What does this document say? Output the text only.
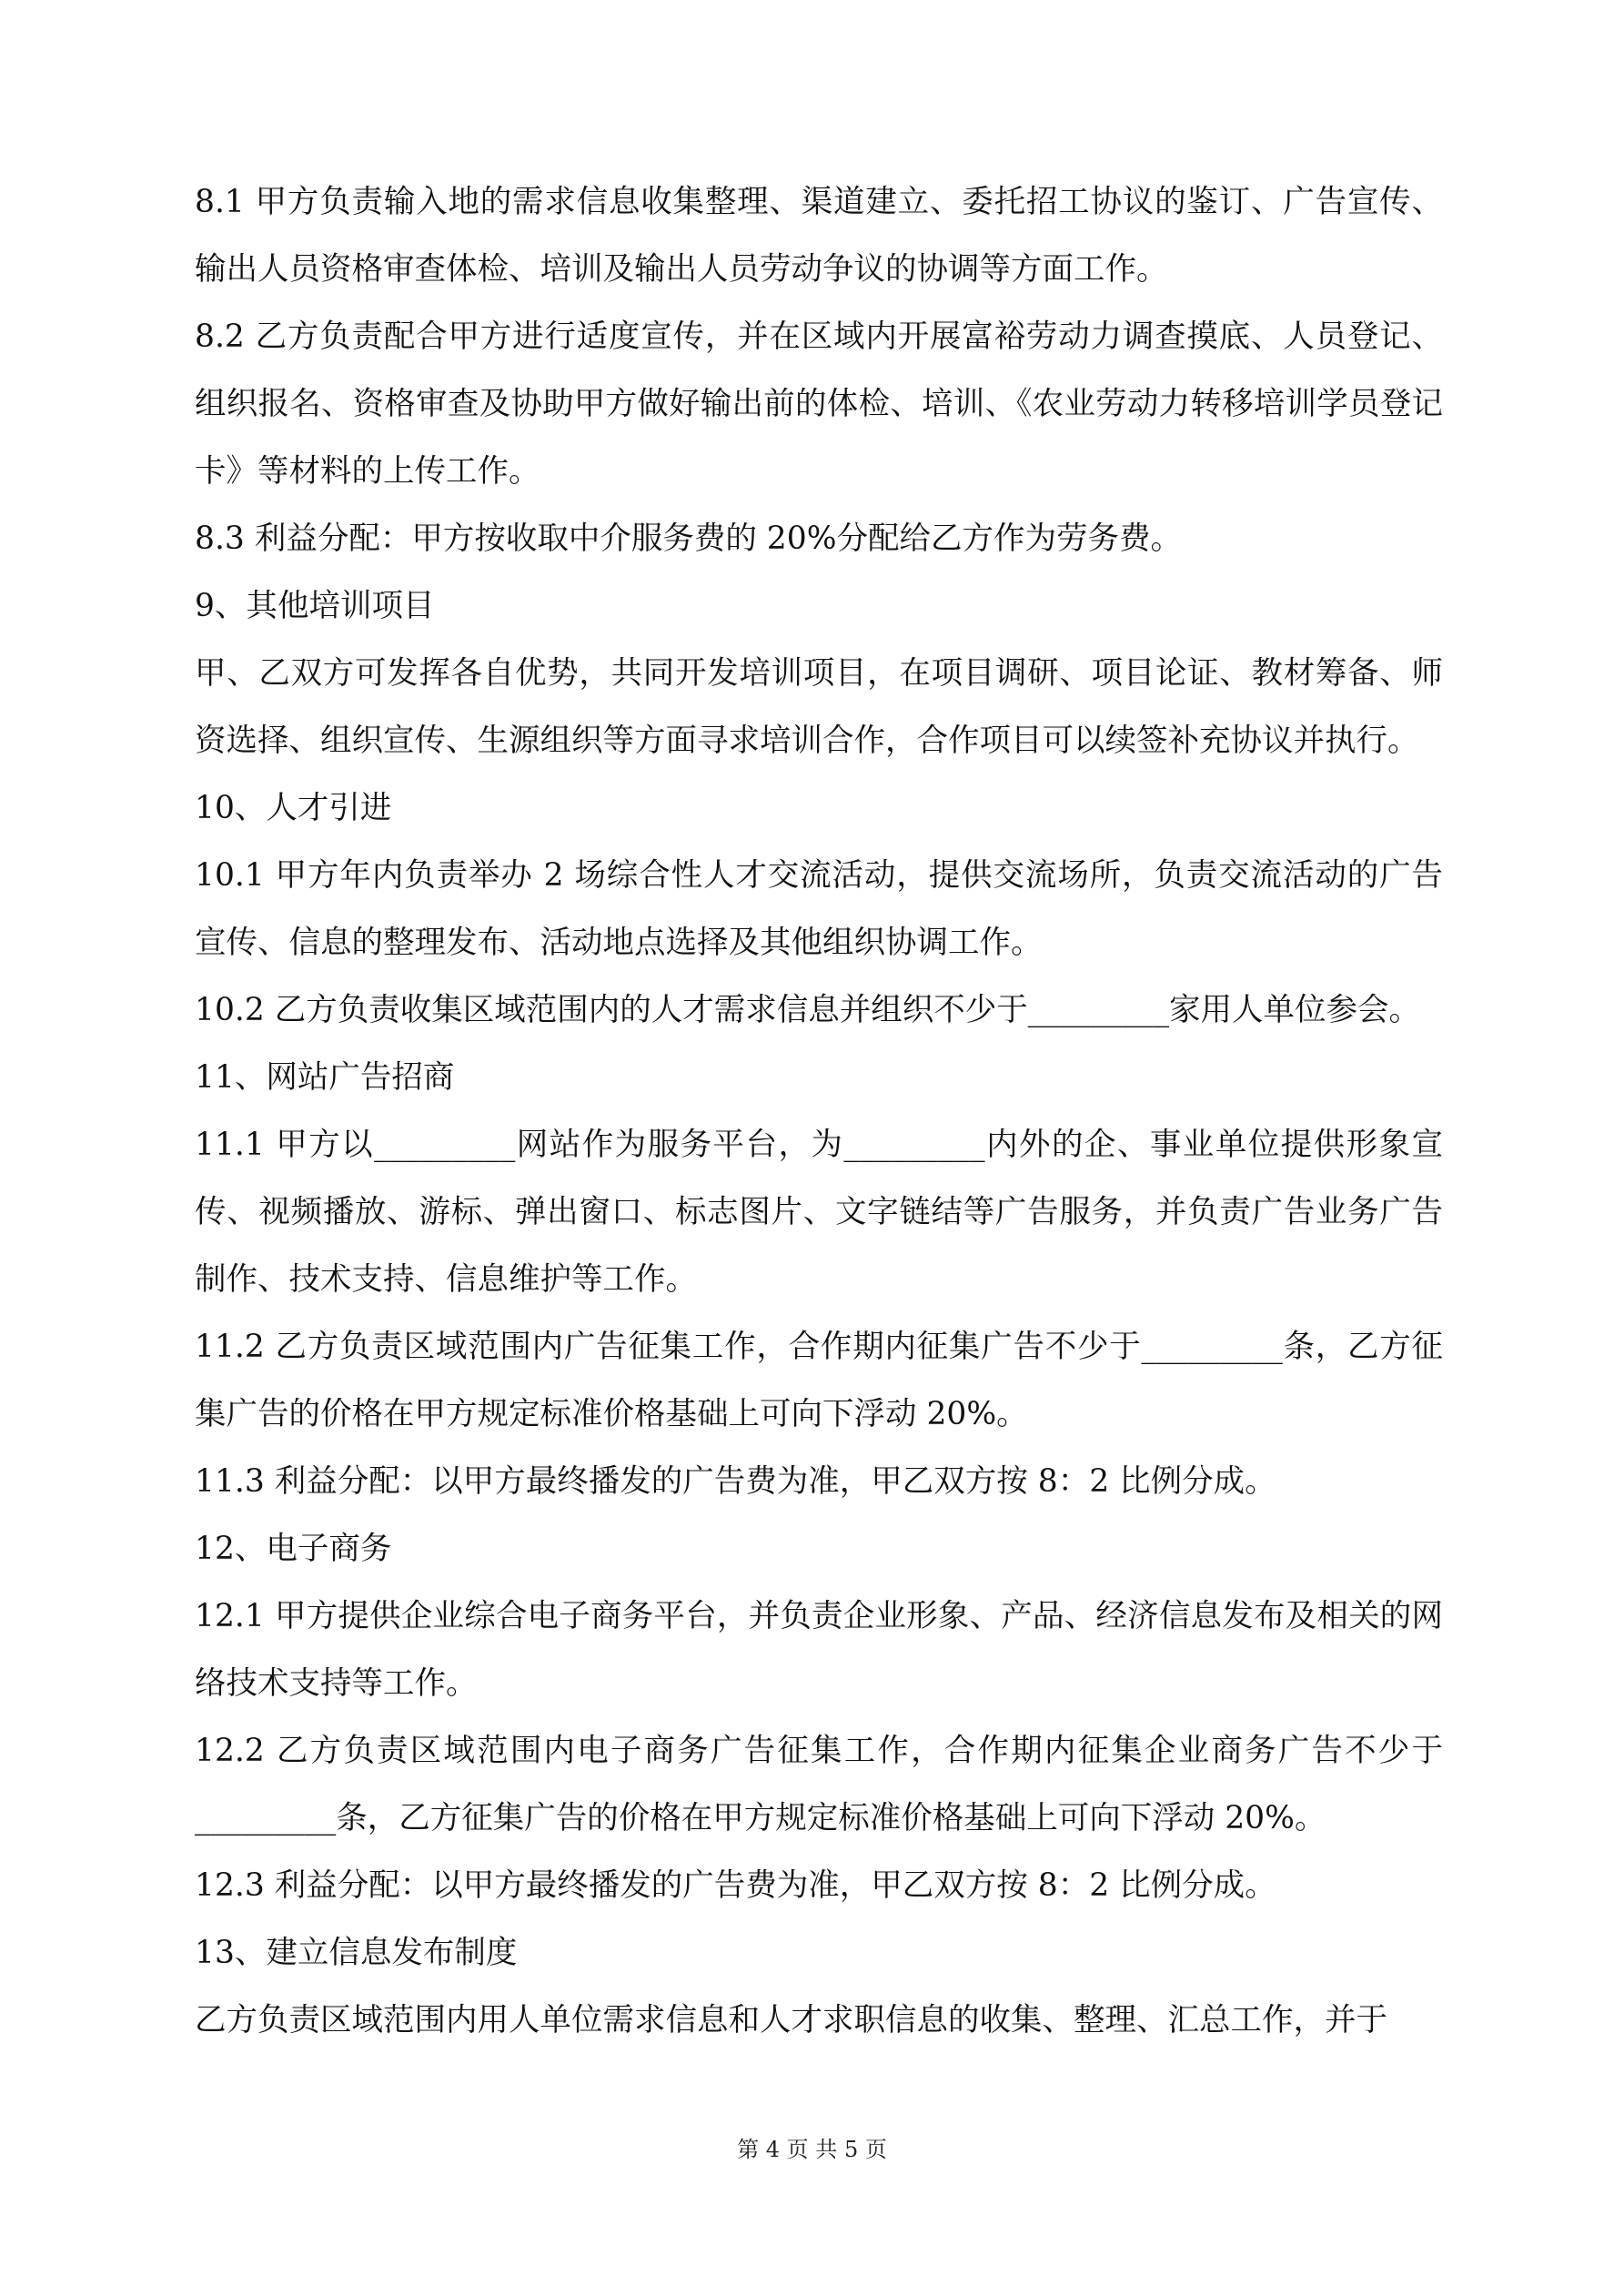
8.1 甲方负责输入地的需求信息收集整理、渠道建立、委托招工协议的鉴订、广告宣传、输出人员资格审查体检、培训及输出人员劳动争议的协调等方面工作。

8.2 乙方负责配合甲方进行适度宣传，并在区域内开展富裕劳动力调查摸底、人员登记、组织报名、资格审查及协助甲方做好输出前的体检、培训、《农业劳动力转移培训学员登记卡》等材料的上传工作。

8.3 利益分配：甲方按收取中介服务费的 20%分配给乙方作为劳务费。

9、其他培训项目

甲、乙双方可发挥各自优势，共同开发培训项目，在项目调研、项目论证、教材筹备、师资选择、组织宣传、生源组织等方面寻求培训合作，合作项目可以续签补充协议并执行。

10、人才引进

10.1 甲方年内负责举办 2 场综合性人才交流活动，提供交流场所，负责交流活动的广告宣传、信息的整理发布、活动地点选择及其他组织协调工作。

10.2 乙方负责收集区域范围内的人才需求信息并组织不少于_________家用人单位参会。

11、网站广告招商

11.1 甲方以_________网站作为服务平台，为_________内外的企、事业单位提供形象宣传、视频播放、游标、弹出窗口、标志图片、文字链结等广告服务，并负责广告业务广告制作、技术支持、信息维护等工作。

11.2 乙方负责区域范围内广告征集工作，合作期内征集广告不少于_________条，乙方征集广告的价格在甲方规定标准价格基础上可向下浮动 20%。

11.3 利益分配：以甲方最终播发的广告费为准，甲乙双方按 8：2 比例分成。

12、电子商务

12.1 甲方提供企业综合电子商务平台，并负责企业形象、产品、经济信息发布及相关的网络技术支持等工作。

12.2 乙方负责区域范围内电子商务广告征集工作，合作期内征集企业商务广告不少于_________条，乙方征集广告的价格在甲方规定标准价格基础上可向下浮动 20%。

12.3 利益分配：以甲方最终播发的广告费为准，甲乙双方按 8：2 比例分成。

13、建立信息发布制度

乙方负责区域范围内用人单位需求信息和人才求职信息的收集、整理、汇总工作，并于

第 4 页 共 5 页
